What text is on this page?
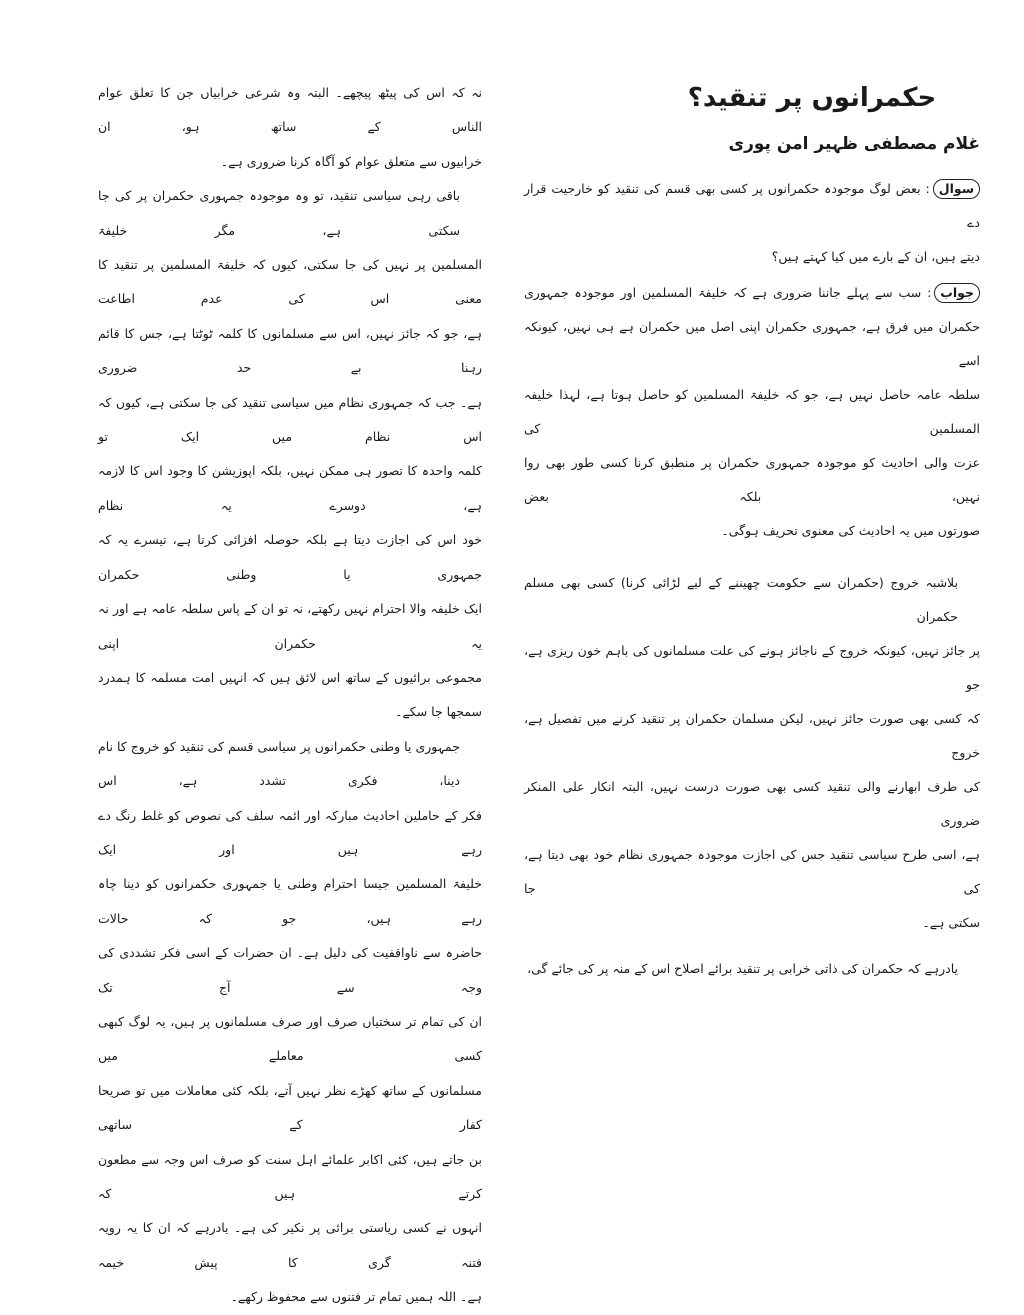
حکمرانوں پر تنقید؟
غلام مصطفی ظہیر امن پوری
سوال: بعض لوگ موجودہ حکمرانوں پر کسی بھی قسم کی تنقید کو خارجیت قرار دے
دیتے ہیں، ان کے بارے میں کیا کہتے ہیں؟
جواب: سب سے پہلے جاننا ضروری ہے کہ خلیفۃ المسلمین اور موجودہ جمہوری
حکمران میں فرق ہے، جمہوری حکمران اپنی اصل میں حکمران ہے ہی نہیں، کیونکہ اسے
سلطہ عامہ حاصل نہیں ہے، جو کہ خلیفۃ المسلمین کو حاصل ہوتا ہے، لہذا خلیفہ المسلمین کی
عزت والی احادیث کو موجودہ جمہوری حکمران پر منطبق کرنا کسی طور بھی روا نہیں، بلکہ بعض
صورتوں میں یہ احادیث کی معنوی تحریف ہوگی۔
بلاشبہ خروج (حکمران سے حکومت چھیننے کے لیے لڑائی کرنا) کسی بھی مسلم حکمران
پر جائز نہیں، کیونکہ خروج کے ناجائز ہونے کی علت مسلمانوں کی باہم خون ریزی ہے، جو
کہ کسی بھی صورت جائز نہیں، لیکن مسلمان حکمران پر تنقید کرنے میں تفصیل ہے، خروج
کی طرف ابھارنے والی تنقید کسی بھی صورت درست نہیں، البتہ انکار علی المنکر ضروری
ہے، اسی طرح سیاسی تنقید جس کی اجازت موجودہ جمہوری نظام خود بھی دیتا ہے، کی جا
سکتی ہے۔
یادرہے کہ حکمران کی ذاتی خرابی پر تنقید برائے اصلاح اس کے منہ پر کی جائے گی،
نہ کہ اس کی پیٹھ پیچھے۔ البتہ وہ شرعی خرابیاں جن کا تعلق عوام الناس کے ساتھ ہو، ان
خرابیوں سے متعلق عوام کو آگاہ کرنا ضروری ہے۔
باقی رہی سیاسی تنقید، تو وہ موجودہ جمہوری حکمران پر کی جا سکتی ہے، مگر خلیفۃ
المسلمین پر نہیں کی جا سکتی، کیوں کہ خلیفۃ المسلمین پر تنقید کا معنی اس کی عدم اطاعت
ہے، جو کہ جائز نہیں، اس سے مسلمانوں کا کلمہ ٹوٹتا ہے، جس کا قائم رہنا بے حد ضروری
ہے۔ جب کہ جمہوری نظام میں سیاسی تنقید کی جا سکتی ہے، کیوں کہ اس نظام میں ایک تو
کلمہ واحدہ کا تصور ہی ممکن نہیں، بلکہ اپوزیشن کا وجود اس کا لازمہ ہے، دوسرے یہ نظام
خود اس کی اجازت دیتا ہے بلکہ حوصلہ افزائی کرتا ہے، تیسرے یہ کہ جمہوری یا وطنی حکمران
ایک خلیفہ والا احترام نہیں رکھتے، نہ تو ان کے پاس سلطہ عامہ ہے اور نہ یہ حکمران اپنی
مجموعی برائیوں کے ساتھ اس لائق ہیں کہ انہیں امت مسلمہ کا ہمدرد سمجھا جا سکے۔
جمہوری یا وطنی حکمرانوں پر سیاسی قسم کی تنقید کو خروج کا نام دینا، فکری تشدد ہے، اس
فکر کے حاملین احادیث مبارکہ اور ائمہ سلف کی نصوص کو غلط رنگ دے رہے ہیں اور ایک
خلیفۃ المسلمین جیسا احترام وطنی یا جمہوری حکمرانوں کو دینا چاہ رہے ہیں، جو کہ حالات
حاضرہ سے ناواقفیت کی دلیل ہے۔ ان حضرات کے اسی فکر تشددی کی وجہ سے آج تک
ان کی تمام تر سختیاں صرف اور صرف مسلمانوں پر ہیں، یہ لوگ کبھی کسی معاملے میں
مسلمانوں کے ساتھ کھڑے نظر نہیں آتے، بلکہ کئی معاملات میں تو صریحا کفار کے ساتھی
بن جاتے ہیں، کئی اکابر علمائے اہل سنت کو صرف اس وجہ سے مطعون کرتے ہیں کہ
انہوں نے کسی ریاستی برائی پر نکیر کی ہے۔ یادرہے کہ ان کا یہ رویہ فتنہ گری کا پیش خیمہ
ہے۔ اللہ ہمیں تمام تر فتنوں سے محفوظ رکھے۔
